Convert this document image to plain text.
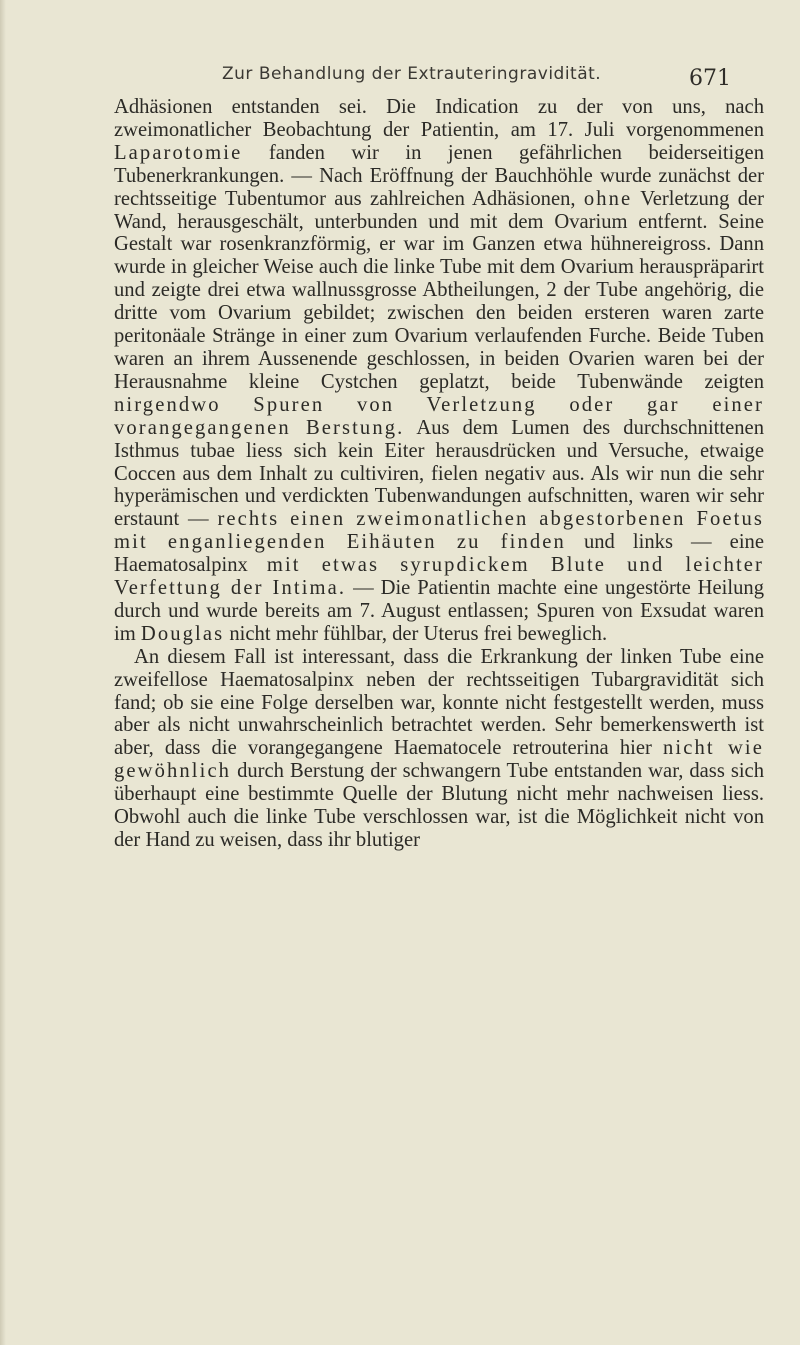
Zur Behandlung der Extrauteringravidität.	671

Adhäsionen entstanden sei. Die Indication zu der von uns, nach zweimonatlicher Beobachtung der Patientin, am 17. Juli vorgenommenen Laparotomie fanden wir in jenen gefährlichen beiderseitigen Tubenerkrankungen. — Nach Eröffnung der Bauchhöhle wurde zunächst der rechtsseitige Tubentumor aus zahlreichen Adhäsionen, ohne Verletzung der Wand, herausgeschält, unterbunden und mit dem Ovarium entfernt. Seine Gestalt war rosenkranzförmig, er war im Ganzen etwa hühnereigross. Dann wurde in gleicher Weise auch die linke Tube mit dem Ovarium herauspräparirt und zeigte drei etwa wallnussgrosse Abtheilungen, 2 der Tube angehörig, die dritte vom Ovarium gebildet; zwischen den beiden ersteren waren zarte peritonäale Stränge in einer zum Ovarium verlaufenden Furche. Beide Tuben waren an ihrem Aussenende geschlossen, in beiden Ovarien waren bei der Herausnahme kleine Cystchen geplatzt, beide Tubenwände zeigten nirgendwo Spuren von Verletzung oder gar einer vorangegangenen Berstung. Aus dem Lumen des durchschnittenen Isthmus tubae liess sich kein Eiter herausdrücken und Versuche, etwaige Coccen aus dem Inhalt zu cultiviren, fielen negativ aus. Als wir nun die sehr hyperämischen und verdickten Tubenwandungen aufschnitten, waren wir sehr erstaunt — rechts einen zweimonatlichen abgestorbenen Foetus mit enganliegenden Eihäuten zu finden und links — eine Haematosalpinx mit etwas syrupdickem Blute und leichter Verfettung der Intima. — Die Patientin machte eine ungestörte Heilung durch und wurde bereits am 7. August entlassen; Spuren von Exsudat waren im Douglas nicht mehr fühlbar, der Uterus frei beweglich.

An diesem Fall ist interessant, dass die Erkrankung der linken Tube eine zweifellose Haematosalpinx neben der rechtsseitigen Tubargravidität sich fand; ob sie eine Folge derselben war, konnte nicht festgestellt werden, muss aber als nicht unwahrscheinlich betrachtet werden. Sehr bemerkenswerth ist aber, dass die vorangegangene Haematocele retrouterina hier nicht wie gewöhnlich durch Berstung der schwangern Tube entstanden war, dass sich überhaupt eine bestimmte Quelle der Blutung nicht mehr nachweisen liess. Obwohl auch die linke Tube verschlossen war, ist die Möglichkeit nicht von der Hand zu weisen, dass ihr blutiger
